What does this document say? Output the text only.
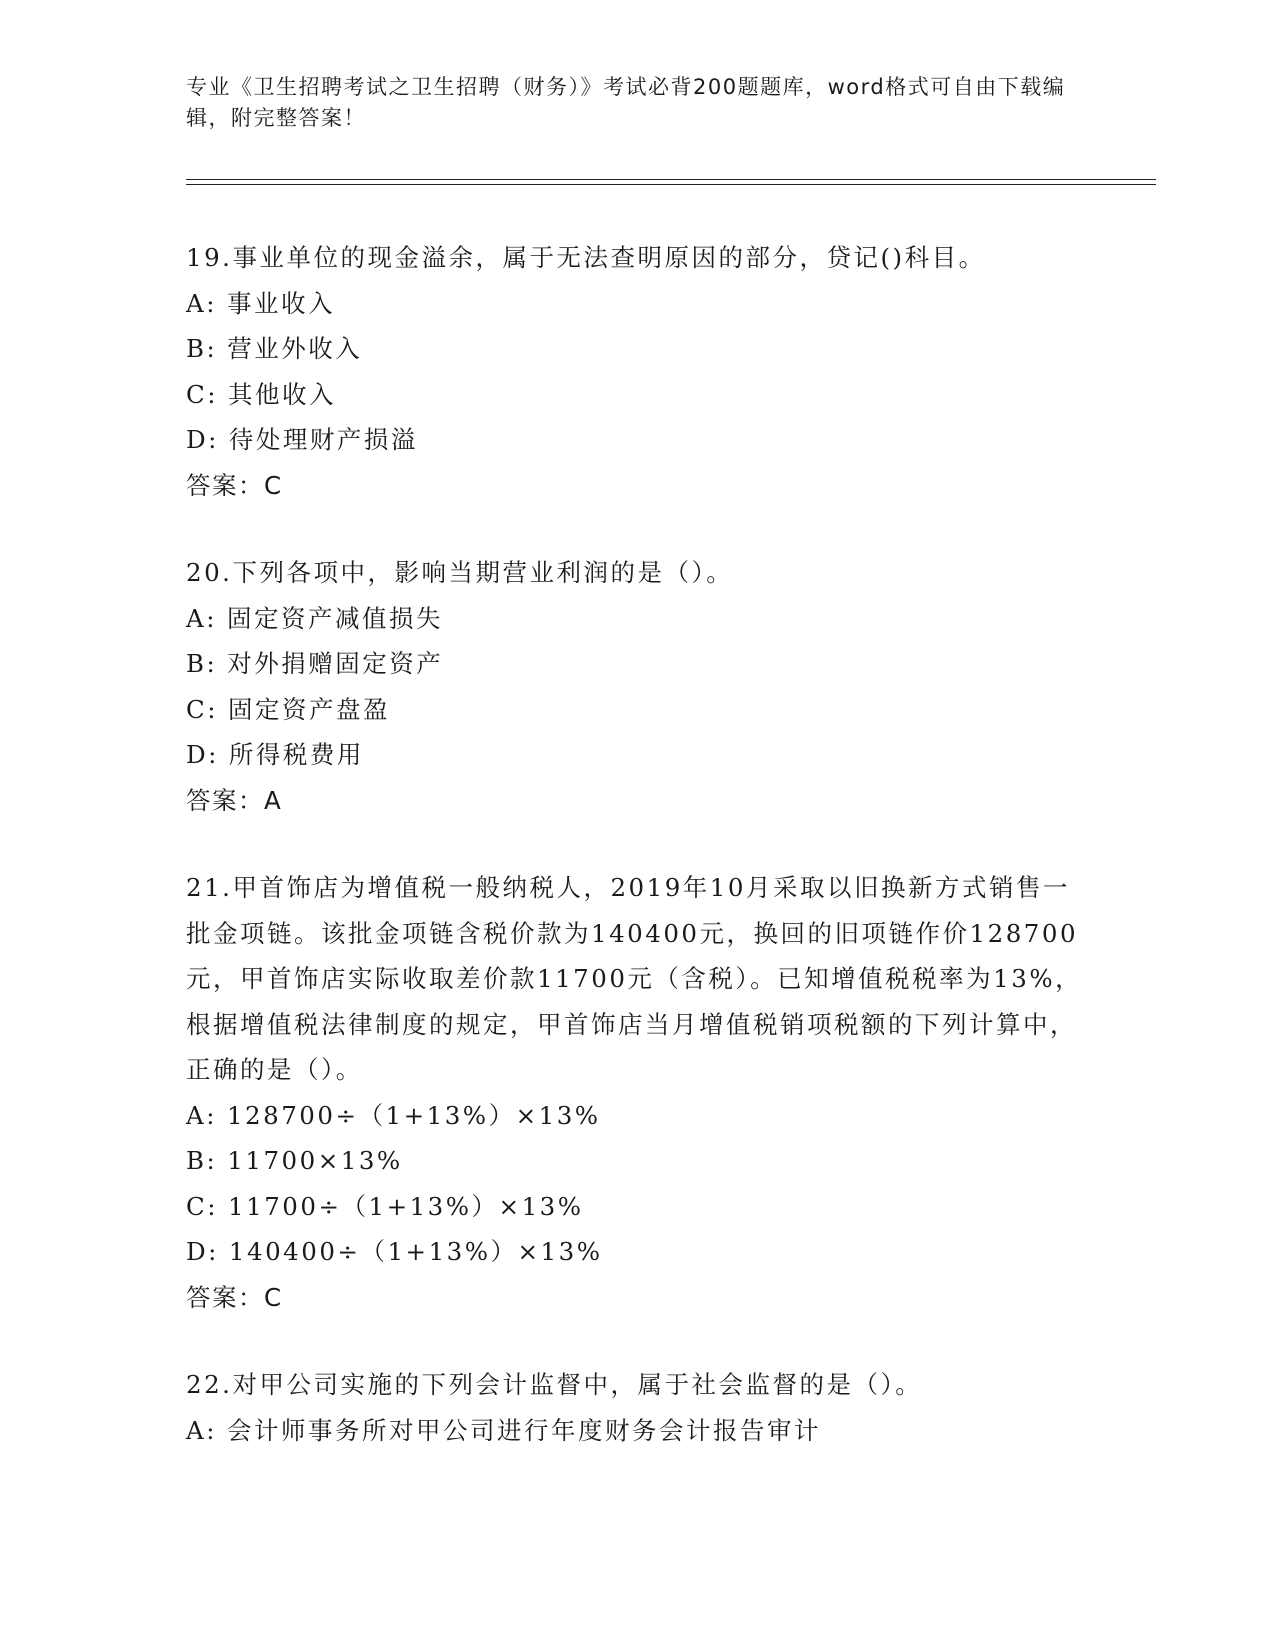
专业《卫生招聘考试之卫生招聘（财务）》考试必背200题题库，word格式可自由下载编辑，附完整答案！

19.事业单位的现金溢余，属于无法查明原因的部分，贷记()科目。

A: 事业收入

B: 营业外收入

C: 其他收入

D: 待处理财产损溢

答案：C

20.下列各项中，影响当期营业利润的是（）。

A: 固定资产减值损失

B: 对外捐赠固定资产

C: 固定资产盘盈

D: 所得税费用

答案：A

21.甲首饰店为增值税一般纳税人，2019年10月采取以旧换新方式销售一批金项链。该批金项链含税价款为140400元，换回的旧项链作价128700元，甲首饰店实际收取差价款11700元（含税）。已知增值税税率为13%，根据增值税法律制度的规定，甲首饰店当月增值税销项税额的下列计算中，正确的是（）。

A: 128700÷（1+13%）×13%

B: 11700×13%

C: 11700÷（1+13%）×13%

D: 140400÷（1+13%）×13%

答案：C

22.对甲公司实施的下列会计监督中，属于社会监督的是（）。

A: 会计师事务所对甲公司进行年度财务会计报告审计
